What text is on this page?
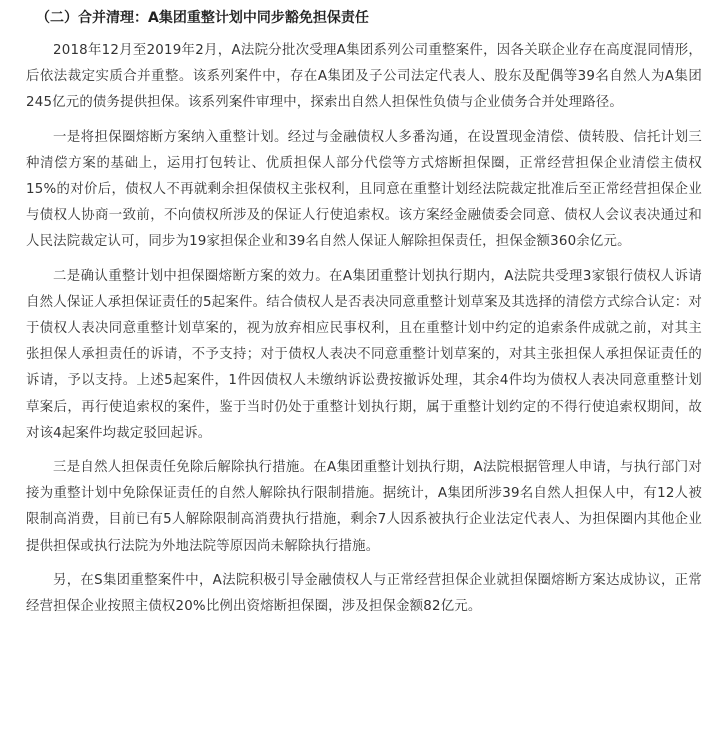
（二）合并清理：A集团重整计划中同步豁免担保责任

2018年12月至2019年2月，A法院分批次受理A集团系列公司重整案件，因各关联企业存在高度混同情形，后依法裁定实质合并重整。该系列案件中，存在A集团及子公司法定代表人、股东及配偶等39名自然人为A集团245亿元的债务提供担保。该系列案件审理中，探索出自然人担保性负债与企业债务合并处理路径。

一是将担保圈熔断方案纳入重整计划。经过与金融债权人多番沟通，在设置现金清偿、债转股、信托计划三种清偿方案的基础上，运用打包转让、优质担保人部分代偿等方式熔断担保圈，正常经营担保企业清偿主债权15%的对价后，债权人不再就剩余担保债权主张权利，且同意在重整计划经法院裁定批准后至正常经营担保企业与债权人协商一致前，不向债权所涉及的保证人行使追索权。该方案经金融债委会同意、债权人会议表决通过和人民法院裁定认可，同步为19家担保企业和39名自然人保证人解除担保责任，担保金额360余亿元。

二是确认重整计划中担保圈熔断方案的效力。在A集团重整计划执行期内，A法院共受理3家银行债权人诉请自然人保证人承担保证责任的5起案件。结合债权人是否表决同意重整计划草案及其选择的清偿方式综合认定：对于债权人表决同意重整计划草案的，视为放弃相应民事权利，且在重整计划中约定的追索条件成就之前，对其主张担保人承担责任的诉请，不予支持；对于债权人表决不同意重整计划草案的，对其主张担保人承担保证责任的诉请，予以支持。上述5起案件，1件因债权人未缴纳诉讼费按撤诉处理，其余4件均为债权人表决同意重整计划草案后，再行使追索权的案件，鉴于当时仍处于重整计划执行期，属于重整计划约定的不得行使追索权期间，故对该4起案件均裁定驳回起诉。

三是自然人担保责任免除后解除执行措施。在A集团重整计划执行期，A法院根据管理人申请，与执行部门对接为重整计划中免除保证责任的自然人解除执行限制措施。据统计，A集团所涉39名自然人担保人中，有12人被限制高消费，目前已有5人解除限制高消费执行措施，剩余7人因系被执行企业法定代表人、为担保圈内其他企业提供担保或执行法院为外地法院等原因尚未解除执行措施。

另，在S集团重整案件中，A法院积极引导金融债权人与正常经营担保企业就担保圈熔断方案达成协议，正常经营担保企业按照主债权20%比例出资熔断担保圈，涉及担保金额82亿元。
